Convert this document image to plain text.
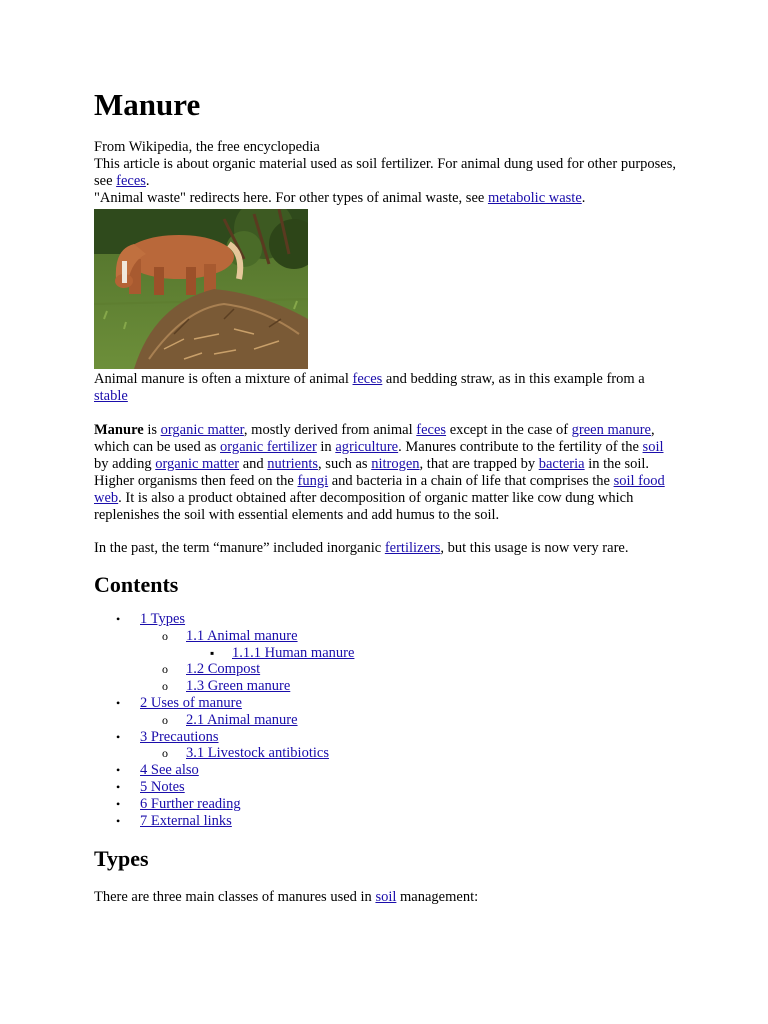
Manure

From Wikipedia, the free encyclopedia

This article is about organic material used as soil fertilizer. For animal dung used for other purposes, see feces.

"Animal waste" redirects here. For other types of animal waste, see metabolic waste.

Animal manure is often a mixture of animal feces and bedding straw, as in this example from a stable

Manure is organic matter, mostly derived from animal feces except in the case of green manure, which can be used as organic fertilizer in agriculture. Manures contribute to the fertility of the soil by adding organic matter and nutrients, such as nitrogen, that are trapped by bacteria in the soil. Higher organisms then feed on the fungi and bacteria in a chain of life that comprises the soil food web. It is also a product obtained after decomposition of organic matter like cow dung which replenishes the soil with essential elements and add humus to the soil.

In the past, the term “manure” included inorganic fertilizers, but this usage is now very rare.

Contents
• 1 Types
o 1.1 Animal manure
▪ 1.1.1 Human manure
o 1.2 Compost
o 1.3 Green manure
• 2 Uses of manure
o 2.1 Animal manure
• 3 Precautions
o 3.1 Livestock antibiotics
• 4 See also
• 5 Notes
• 6 Further reading
• 7 External links
Types

There are three main classes of manures used in soil management:
